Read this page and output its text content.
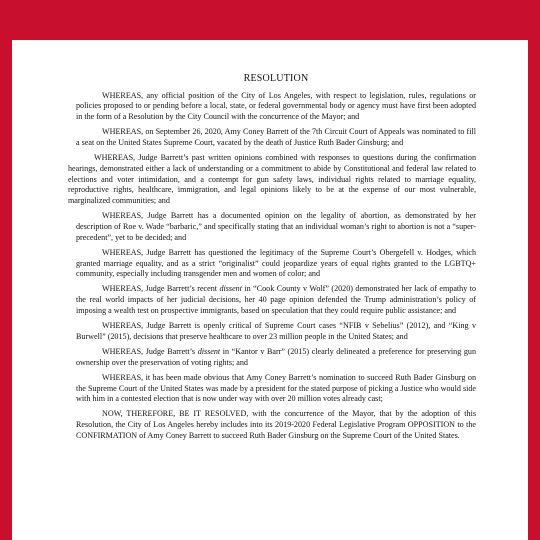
RESOLUTION
WHEREAS, any official position of the City of Los Angeles, with respect to legislation, rules, regulations or policies proposed to or pending before a local, state, or federal governmental body or agency must have first been adopted in the form of a Resolution by the City Council with the concurrence of the Mayor; and
WHEREAS, on September 26, 2020, Amy Coney Barrett of the 7th Circuit Court of Appeals was nominated to fill a seat on the United States Supreme Court, vacated by the death of Justice Ruth Bader Ginsburg; and
WHEREAS, Judge Barrett’s past written opinions combined with responses to questions during the confirmation hearings, demonstrated either a lack of understanding or a commitment to abide by Constitutional and federal law related to elections and voter intimidation, and a contempt for gun safety laws, individual rights related to marriage equality, reproductive rights, healthcare, immigration, and legal opinions likely to be at the expense of our most vulnerable, marginalized communities; and
WHEREAS, Judge Barrett has a documented opinion on the legality of abortion, as demonstrated by her description of Roe v. Wade “barbaric,” and specifically stating that an individual woman’s right to abortion is not a “super-precedent”, yet to be decided; and
WHEREAS, Judge Barrett has questioned the legitimacy of the Supreme Court’s Obergefell v. Hodges, which granted marriage equality, and as a strict “originalist” could jeopardize years of equal rights granted to the LGBTQ+ community, especially including transgender men and women of color; and
WHEREAS, Judge Barrett’s recent dissent in “Cook County v Wolf” (2020) demonstrated her lack of empathy to the real world impacts of her judicial decisions, her 40 page opinion defended the Trump administration’s policy of imposing a wealth test on prospective immigrants, based on speculation that they could require public assistance; and
WHEREAS, Judge Barrett is openly critical of Supreme Court cases “NFIB v Sebelius” (2012), and “King v Burwell” (2015), decisions that preserve healthcare to over 23 million people in the United States; and
WHEREAS, Judge Barrett’s dissent in “Kantor v Barr” (2015) clearly delineated a preference for preserving gun ownership over the preservation of voting rights; and
WHEREAS, it has been made obvious that Amy Coney Barrett’s nomination to succeed Ruth Bader Ginsburg on the Supreme Court of the United States was made by a president for the stated purpose of picking a Justice who would side with him in a contested election that is now under way with over 20 million votes already cast;
NOW, THEREFORE, BE IT RESOLVED, with the concurrence of the Mayor, that by the adoption of this Resolution, the City of Los Angeles hereby includes into its 2019-2020 Federal Legislative Program OPPOSITION to the CONFIRMATION of Amy Coney Barrett to succeed Ruth Bader Ginsburg on the Supreme Court of the United States.
